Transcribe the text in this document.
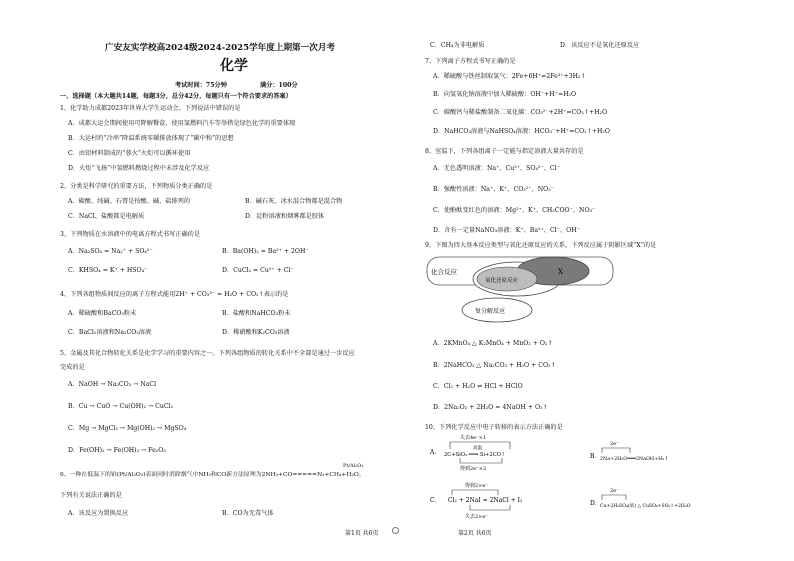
广安友实学校高2024级2024-2025学年度上期第一次月考
化学
考试时间：75分钟	满分：100分
一、选择题（本大题共14题，每题3分，总分42分，每题只有一个符合要求的答案）
1、化学助力成都2023年世界大学生运动会。下列说法中错误的是
A．成都大运会期间使用可降解餐盒，使用氢燃料汽车等举措是绿色化学的重要体现
B．大运村的“冷串”降温系统零碳排放体现了“碳中和”的思想
C．由铝材料制成的“蓉火”火炬可以循环使用
D．火炬“飞扬”中氢燃料燃烧过程中未涉及化学反应
2、分类是科学研究的重要方法，下列物质分类正确的是
A．碳酸、纯碱、石膏是按酸、碱、盐排列的	B．碱石灰、冰水混合物都是混合物
C．NaCl、盐酸都是电解质	D．淀粉溶液和烟雾都是胶体
3、下列物质在水溶液中的电离方程式书写正确的是
A．Na₂SO₄ = Na₂⁺ + SO₄²⁻	B．Ba(OH)₂ = Ba²⁺ + 2OH⁻
C．KHSO₄ = K⁺ + HSO₄⁻	D．CuCl₂ = Cu²⁺ + Cl⁻
4、下列各组物质间反应的离子方程式能用2H⁺ + CO₃²⁻ = H₂O + CO₂↑表示的是
A．稀硫酸和BaCO₃粉末	B．盐酸和NaHCO₃粉末
C．BaCl₂溶液和Na₂CO₃溶液	D．稀硝酸和K₂CO₃溶液
5、金属及其化合物转化关系是化学学习的重要内容之一。下列各组物质的转化关系中不全部是通过一步反应
完成的是
A．NaOH → Na₂CO₃ → NaCl
B．Cu → CuO → Cu(OH)₂ → CuCl₂
C．Mg → MgCl₂ → Mg(OH)₂ → MgSO₄
D．Fe(OH)₂ → Fe(OH)₃ → Fe₂O₃
6、一种在低温下的铂(Pt/Al₂O₃)表面同时消除烟气中NH₃和CO新方法原理为2NH₃+CO=====N₂+CH₄+H₂O。
Pt/Al₂O₃
下列有关说法正确的是
A．该反应为置换反应	B．CO为无毒气体
C．CH₄为非电解质	D．该反应不是氧化还原反应
7、下列离子方程式书写正确的是
A．稀硫酸与铁丝制取氢气：2Fe+6H⁺=2Fe³⁺+3H₂↑
B．向氢氧化钠溶液中加入稀硫酸：OH⁻+H⁺=H₂O
C．碳酸钙与稀盐酸制备二氧化碳：CO₃²⁻+2H⁺=CO₂↑+H₂O
D．NaHCO₃溶液与NaHSO₄溶液：HCO₃⁻+H⁺=CO₂↑+H₂O
8、室温下，下列各组离子一定能与指定溶液大量共存的是
A．无色透明溶液：Na⁺、Cu²⁺、SO₄²⁻、Cl⁻
B．强酸性溶液：Na⁺、K⁺、CO₃²⁻、NO₃⁻
C．使酚酞变红色的溶液：Mg²⁺、K⁺、CH₃COO⁻、NO₃⁻
D．含有一定量NaNO₃溶液：K⁺、Ba²⁺、Cl⁻、OH⁻
9、下图为四大基本反应类型与氧化还原反应的关系，下列反应属于阴影区域“X”的是
化合反应
氧化还原反应
X
复分解反应
A．2KMnO₄ △ K₂MnO₄ + MnO₂ + O₂↑
B．2NaHCO₃ △ Na₂CO₃ + H₂O + CO₂↑
C．Cl₂ + H₂O ⇌ HCl + HClO
D．2Na₂O₂ + 2H₂O = 4NaOH + O₂↑
10、下列化学反应中电子转移的表示方法正确的是
A．
失去4e⁻×1
高温
2C+SiO₂ ═══ Si+2CO↑
得到2e⁻×2
B．
2e⁻
2Na+2H₂O═══2NaOH+H₂↑
C．
得到2×e⁻
Cl₂ + 2NaI = 2NaCl + I₂
失去2×e⁻
D．
2e⁻
Cu+2H₂SO₄(浓) △ CuSO₄+SO₂↑+2H₂O
第1页 共6页	第2页 共6页
